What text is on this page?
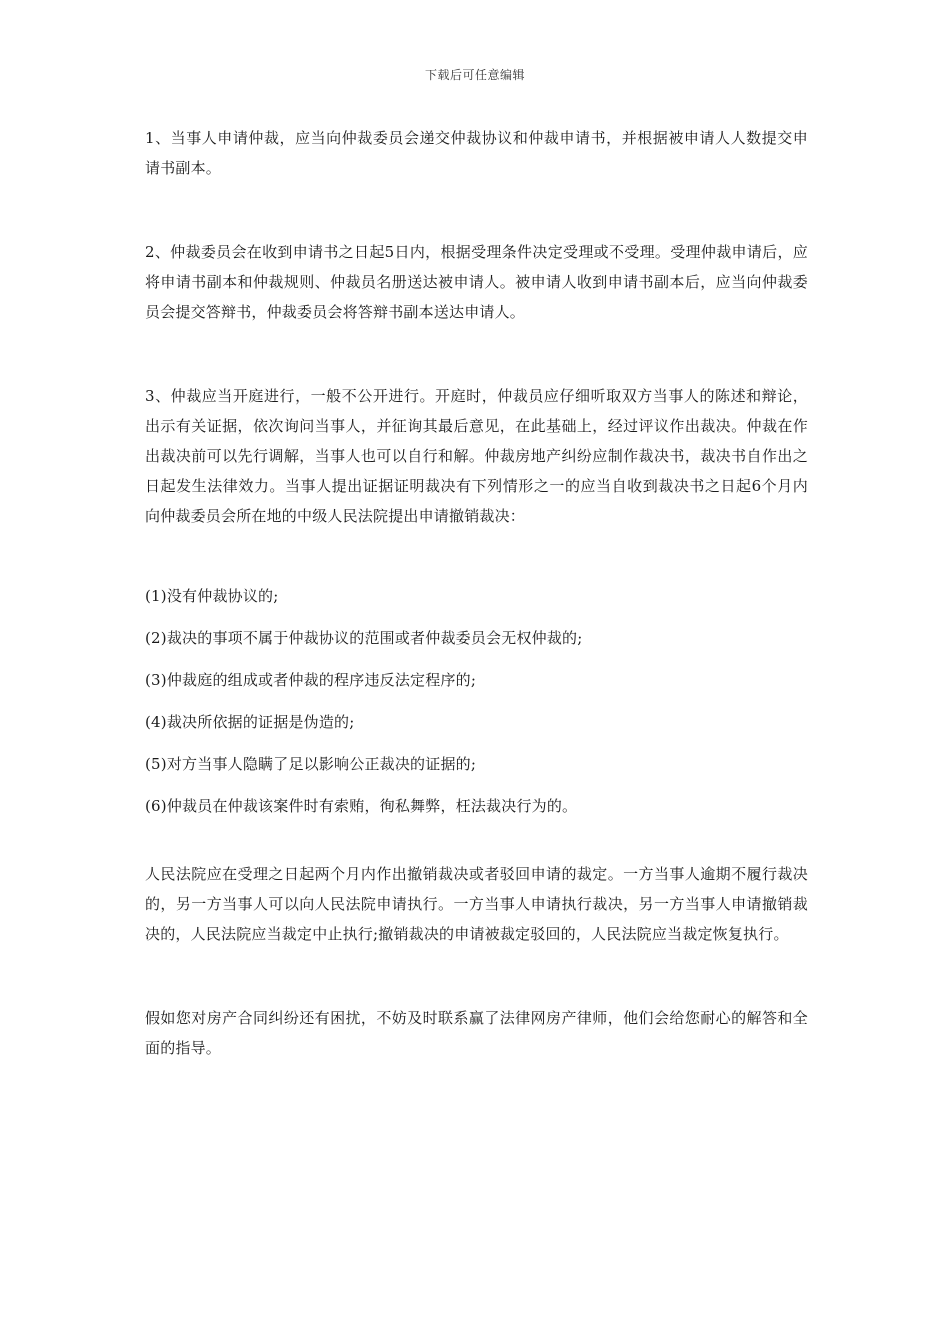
下载后可任意编辑

1、当事人申请仲裁，应当向仲裁委员会递交仲裁协议和仲裁申请书，并根据被申请人人数提交申请书副本。

2、仲裁委员会在收到申请书之日起5日内，根据受理条件决定受理或不受理。受理仲裁申请后，应将申请书副本和仲裁规则、仲裁员名册送达被申请人。被申请人收到申请书副本后，应当向仲裁委员会提交答辩书，仲裁委员会将答辩书副本送达申请人。

3、仲裁应当开庭进行，一般不公开进行。开庭时，仲裁员应仔细听取双方当事人的陈述和辩论，出示有关证据，依次询问当事人，并征询其最后意见，在此基础上，经过评议作出裁决。仲裁在作出裁决前可以先行调解，当事人也可以自行和解。仲裁房地产纠纷应制作裁决书，裁决书自作出之日起发生法律效力。当事人提出证据证明裁决有下列情形之一的应当自收到裁决书之日起6个月内向仲裁委员会所在地的中级人民法院提出申请撤销裁决：

(1)没有仲裁协议的;
(2)裁决的事项不属于仲裁协议的范围或者仲裁委员会无权仲裁的;
(3)仲裁庭的组成或者仲裁的程序违反法定程序的;
(4)裁决所依据的证据是伪造的;
(5)对方当事人隐瞒了足以影响公正裁决的证据的;
(6)仲裁员在仲裁该案件时有索贿，徇私舞弊，枉法裁决行为的。

人民法院应在受理之日起两个月内作出撤销裁决或者驳回申请的裁定。一方当事人逾期不履行裁决的，另一方当事人可以向人民法院申请执行。一方当事人申请执行裁决，另一方当事人申请撤销裁决的，人民法院应当裁定中止执行;撤销裁决的申请被裁定驳回的，人民法院应当裁定恢复执行。

假如您对房产合同纠纷还有困扰，不妨及时联系赢了法律网房产律师，他们会给您耐心的解答和全面的指导。
